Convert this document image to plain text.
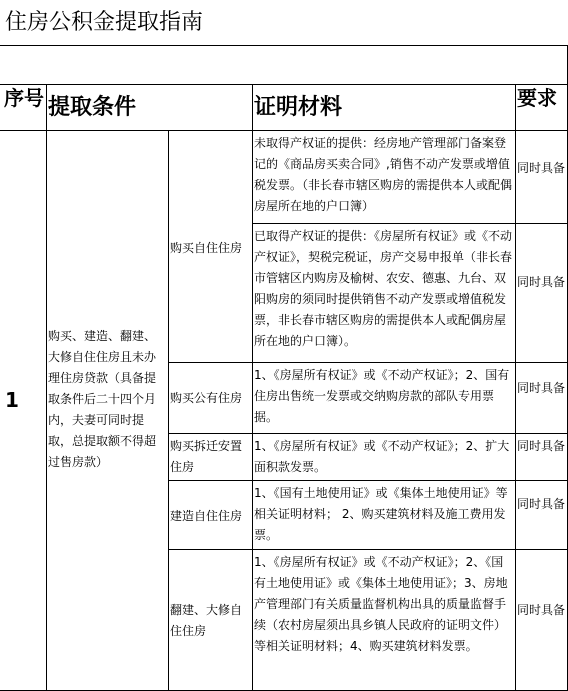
住房公积金提取指南
序号 提取条件	证明材料	要求
1
购买、建造、翻建、大修自住住房且未办理住房贷款（具备提取条件后二十四个月内，夫妻可同时提取，总提取额不得超过售房款）
购买自住住房
购买公有住房
购买拆迁安置住房
建造自住住房
翻建、大修自住住房
未取得产权证的提供：经房地产管理部门备案登记的《商品房买卖合同》,销售不动产发票或增值税发票。（非长春市辖区购房的需提供本人或配偶房屋所在地的户口簿）
已取得产权证的提供：《房屋所有权证》或《不动产权证》，契税完税证，房产交易申报单（非长春市管辖区内购房及榆树、农安、德惠、九台、双阳购房的须同时提供销售不动产发票或增值税发票，非长春市辖区购房的需提供本人或配偶房屋所在地的户口簿）。
1、《房屋所有权证》或《不动产权证》；2、国有住房出售统一发票或交纳购房款的部队专用票据。
1、《房屋所有权证》或《不动产权证》；2、扩大面积款发票。
1、《国有土地使用证》或《集体土地使用证》等相关证明材料； 2、购买建筑材料及施工费用发票。
1、《房屋所有权证》或《不动产权证》；2、《国有土地使用证》或《集体土地使用证》；3、房地产管理部门有关质量监督机构出具的质量监督手续（农村房屋须出具乡镇人民政府的证明文件）等相关证明材料；4、购买建筑材料发票。
同时具备
同时具备
同时具备
同时具备
同时具备
同时具备
